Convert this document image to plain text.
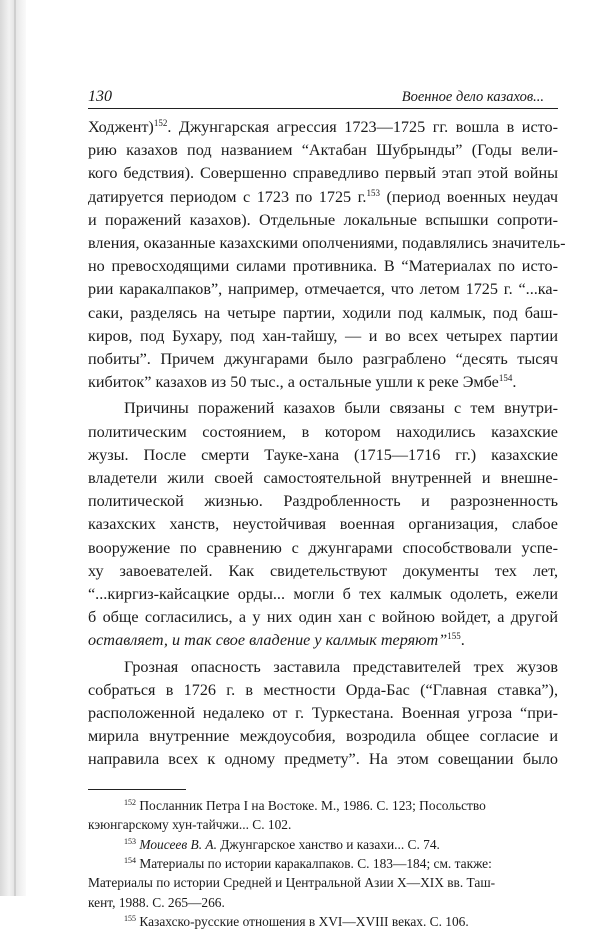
130	Военное дело казахов...

Ходжент)$^{152}$. Джунгарская агрессия 1723—1725 гг. вошла в исто-
рию казахов под названием “Актабан Шубрынды” (Годы вели-
кого бедствия). Совершенно справедливо первый этап этой войны
датируется периодом с 1723 по 1725 г.$^{153}$ (период военных неудач
и поражений казахов). Отдельные локальные вспышки сопроти-
вления, оказанные казахскими ополчениями, подавлялись значитель-
но превосходящими силами противника. В “Материалах по исто-
рии каракалпаков”, например, отмечается, что летом 1725 г. “...ка-
саки, разделясь на четыре партии, ходили под калмык, под баш-
киров, под Бухару, под хан-тайшу, — и во всех четырех партии
побиты”. Причем джунгарами было разграблено “десять тысяч
кибиток” казахов из 50 тыс., а остальные ушли к реке Эмбе$^{154}$.

Причины поражений казахов были связаны с тем внутри-
политическим состоянием, в котором находились казахские
жузы. После смерти Тауке-хана (1715—1716 гг.) казахские
владетели жили своей самостоятельной внутренней и внешне-
политической жизнью. Раздробленность и разрозненность
казахских ханств, неустойчивая военная организация, слабое
вооружение по сравнению с джунгарами способствовали успе-
ху завоевателей. Как свидетельствуют документы тех лет,
“...киргиз-кайсацкие орды... могли б тех калмык одолеть, ежели
б обще согласились, а у них один хан с войною войдет, а другой
оставляет, и так свое владение у калмык теряют”$^{155}$.

Грозная опасность заставила представителей трех жузов
собраться в 1726 г. в местности Орда-Бас (“Главная ставка”),
расположенной недалеко от г. Туркестана. Военная угроза “при-
мирила внутренние междоусобия, возродила общее согласие и
направила всех к одному предмету”. На этом совещании было

$^{152}$ Посланник Петра I на Востоке. М., 1986. С. 123; Посольство
кэюнгарскому хун-тайчжи... С. 102.
$^{153}$ Моисеев В. А. Джунгарское ханство и казахи... С. 74.
$^{154}$ Материалы по истории каракалпаков. С. 183—184; см. также:
Материалы по истории Средней и Центральной Азии X—XIX вв. Таш-
кент, 1988. С. 265—266.
$^{155}$ Казахско-русские отношения в XVI—XVIII веках. С. 106.
